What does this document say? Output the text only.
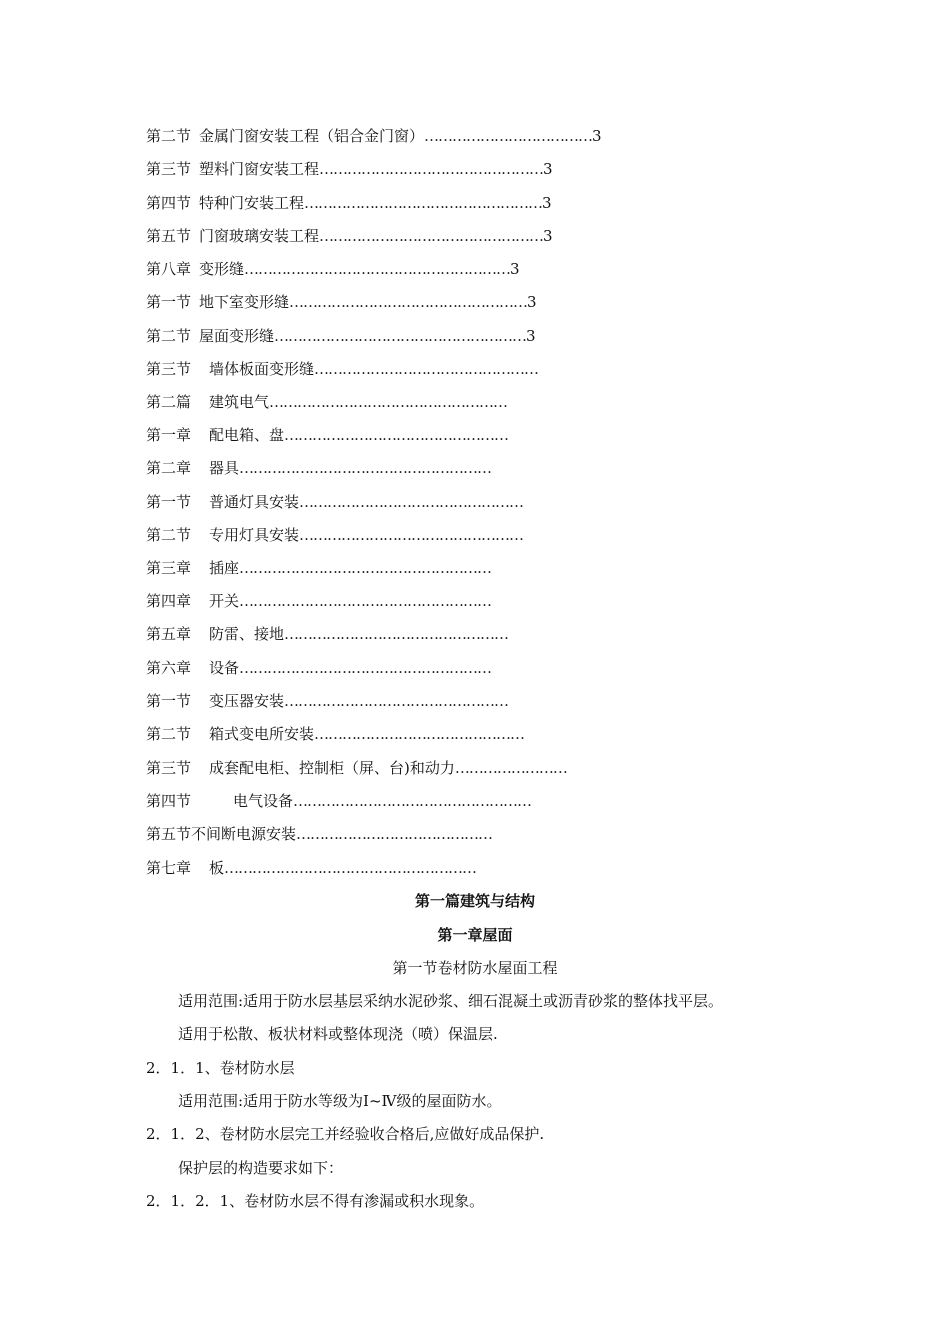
第二节 金属门窗安装工程（铝合金门窗）………………………………3
第三节 塑料门窗安装工程…………………………………………3
第四节 特种门安装工程……………………………………………3
第五节 门窗玻璃安装工程…………………………………………3
第八章 变形缝…………………………………………………3
第一节 地下室变形缝……………………………………………3
第二节 屋面变形缝………………………………………………3
第三节 墙体板面变形缝…………………………………………
第二篇 建筑电气……………………………………………
第一章 配电箱、盘…………………………………………
第二章 器具………………………………………………
第一节 普通灯具安装…………………………………………
第二节 专用灯具安装…………………………………………
第三章 插座………………………………………………
第四章 开关………………………………………………
第五章 防雷、接地…………………………………………
第六章 设备………………………………………………
第一节 变压器安装…………………………………………
第二节 箱式变电所安装………………………………………
第三节 成套配电柜、控制柜（屏、台)和动力……………………
第四节	电气设备……………………………………………
第五节不间断电源安装……………………………………
第七章 板………………………………………………
第一篇建筑与结构
第一章屋面
第一节卷材防水屋面工程
适用范围:适用于防水层基层采纳水泥砂浆、细石混凝土或沥青砂浆的整体找平层。
适用于松散、板状材料或整体现浇（喷）保温层.
2．1．1、卷材防水层
适用范围:适用于防水等级为Ⅰ~Ⅳ级的屋面防水。
2．1．2、卷材防水层完工并经验收合格后,应做好成品保护.
保护层的构造要求如下：
2．1．2．1、卷材防水层不得有渗漏或积水现象。
